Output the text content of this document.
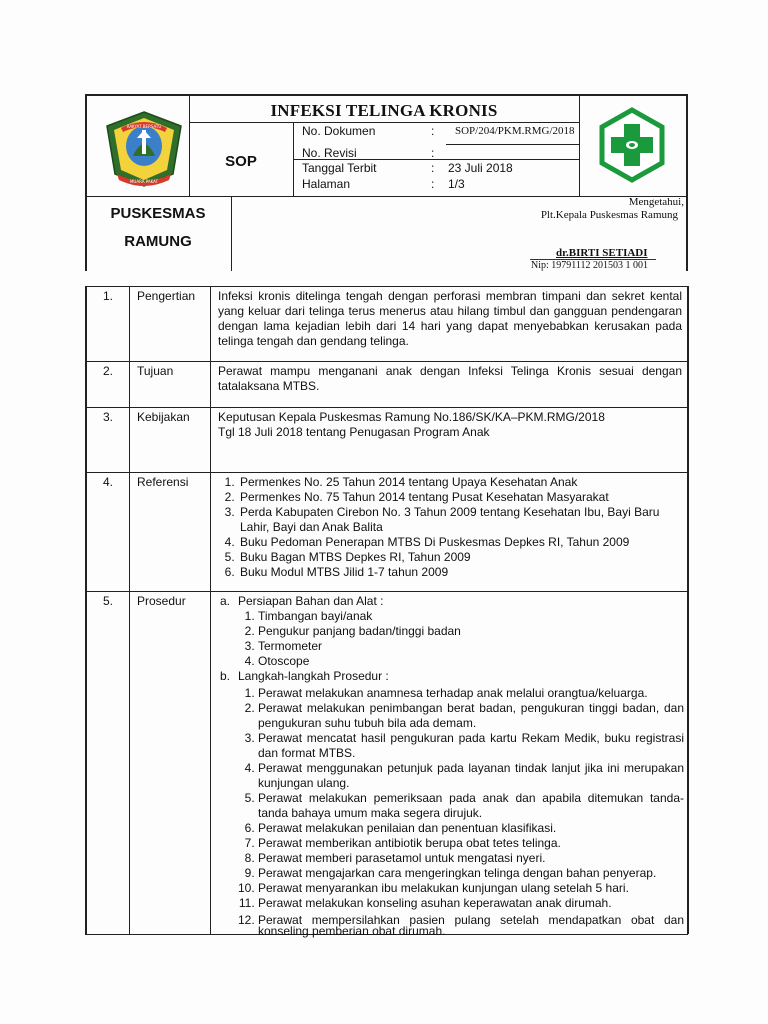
RAKYAT BERSATU
MUARA PAKAT
INFEKSI TELINGA KRONIS
SOP
No. Dokumen	: SOP/204/PKM.RMG/2018
No. Revisi	:
Tanggal Terbit	: 23 Juli 2018
Halaman	: 1/3
PUSKESMAS
RAMUNG
Mengetahui,
Plt.Kepala Puskesmas Ramung
dr.BIRTI SETIADI
Nip: 19791112 201503 1 001
1. Pengertian Infeksi kronis ditelinga tengah dengan perforasi membran timpani dan sekret kental yang keluar dari telinga terus menerus atau hilang timbul dan gangguan pendengaran dengan lama kejadian lebih dari 14 hari yang dapat menyebabkan kerusakan pada telinga tengah dan gendang telinga.
2. Tujuan	Perawat mampu menganani anak dengan Infeksi Telinga Kronis sesuai dengan tatalaksana MTBS.
3. Kebijakan Keputusan Kepala Puskesmas Ramung No.186/SK/KA–PKM.RMG/2018
Tgl 18 Juli 2018 tentang Penugasan Program Anak
4. Referensi
1.	Permenkes No. 25 Tahun 2014 tentang Upaya Kesehatan Anak
2. Permenkes No. 75 Tahun 2014 tentang Pusat Kesehatan Masyarakat
3. Perda Kabupaten Cirebon No. 3 Tahun 2009 tentang Kesehatan Ibu, Bayi Baru Lahir, Bayi dan Anak Balita
4. Buku Pedoman Penerapan MTBS Di Puskesmas Depkes RI, Tahun 2009
5. Buku Bagan MTBS Depkes RI, Tahun 2009
6. Buku Modul MTBS Jilid 1-7 tahun 2009
5. Prosedur	a. Persiapan Bahan dan Alat :
1. Timbangan bayi/anak
2. Pengukur panjang badan/tinggi badan
3. Termometer
4. Otoscope
b. Langkah-langkah Prosedur :
1. Perawat melakukan anamnesa terhadap anak melalui orangtua/keluarga.
2. Perawat melakukan penimbangan berat badan, pengukuran tinggi badan, dan pengukuran suhu tubuh bila ada demam.
3. Perawat mencatat hasil pengukuran pada kartu Rekam Medik, buku registrasi dan format MTBS.
4. Perawat menggunakan petunjuk pada layanan tindak lanjut jika ini merupakan kunjungan ulang.
5. Perawat melakukan pemeriksaan pada anak dan apabila ditemukan tanda-tanda bahaya umum maka segera dirujuk.
6. Perawat melakukan penilaian dan penentuan klasifikasi.
7. Perawat memberikan antibiotik berupa obat tetes telinga.
8. Perawat memberi parasetamol untuk mengatasi nyeri.
9. Perawat mengajarkan cara mengeringkan telinga dengan bahan penyerap.
10. Perawat menyarankan ibu melakukan kunjungan ulang setelah 5 hari.
11. Perawat melakukan konseling asuhan keperawatan anak dirumah.
12. Perawat mempersilahkan pasien pulang setelah mendapatkan obat dan konseling pemberian obat dirumah.
